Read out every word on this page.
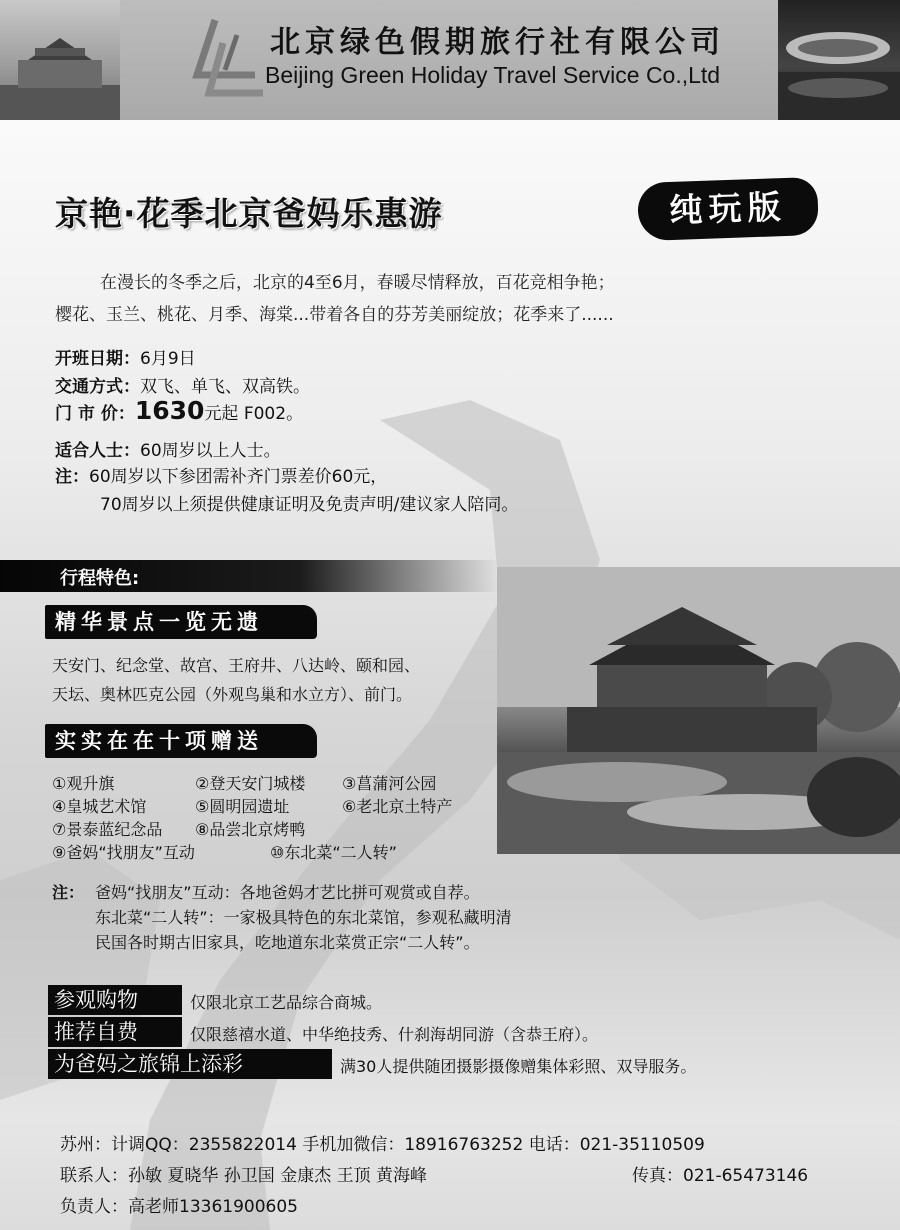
北京绿色假期旅行社有限公司
Beijing Green Holiday Travel Service Co.,Ltd
京艳·花季北京爸妈乐惠游	纯玩版
在漫长的冬季之后，北京的4至6月，春暖尽情释放，百花竞相争艳；
樱花、玉兰、桃花、月季、海棠...带着各自的芬芳美丽绽放；花季来了......
开班日期：6月9日
交通方式：双飞、单飞、双高铁。
门 市 价：1630元起 F002。
适合人士：60周岁以上人士。
注：60周岁以下参团需补齐门票差价60元，
70周岁以上须提供健康证明及免责声明/建议家人陪同。
行程特色:
精华景点一览无遗
天安门、纪念堂、故宫、王府井、八达岭、颐和园、
天坛、奥林匹克公园（外观鸟巢和水立方）、前门。
实实在在十项赠送
①观升旗	②登天安门城楼 ③菖蒲河公园
④皇城艺术馆	⑤圆明园遗址	⑥老北京土特产
⑦景泰蓝纪念品 ⑧品尝北京烤鸭
⑨爸妈“找朋友”互动	⑩东北菜“二人转”
注： 爸妈“找朋友”互动：各地爸妈才艺比拼可观赏或自荐。
东北菜“二人转”：一家极具特色的东北菜馆，参观私藏明清
民国各时期古旧家具，吃地道东北菜赏正宗“二人转”。
参观购物	仅限北京工艺品综合商城。
推荐自费	仅限慈禧水道、中华绝技秀、什刹海胡同游（含恭王府）。
为爸妈之旅锦上添彩	满30人提供随团摄影摄像赠集体彩照、双导服务。
苏州：计调QQ：2355822014 手机加微信：18916763252 电话：021-35110509
联系人：孙敏 夏晓华 孙卫国 金康杰 王顶 黄海峰	传真：021-65473146
负责人：高老师13361900605
